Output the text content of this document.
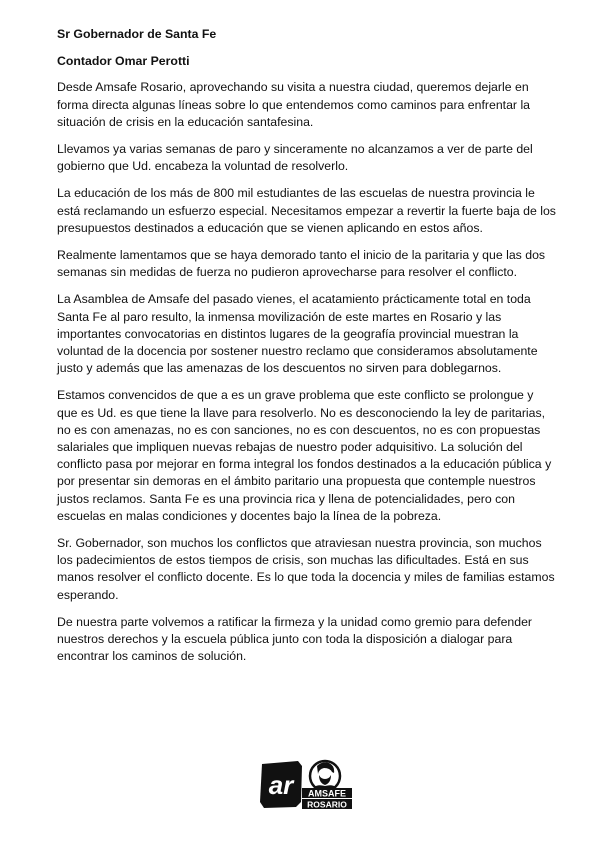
Sr Gobernador de Santa Fe
Contador Omar Perotti

Desde Amsafe Rosario, aprovechando su visita a nuestra ciudad, queremos dejarle en forma directa algunas líneas sobre lo que entendemos como caminos para enfrentar la situación de crisis en la educación santafesina.

Llevamos ya varias semanas de paro y sinceramente no alcanzamos a ver de parte del gobierno que Ud. encabeza la voluntad de resolverlo.

La educación de los más de 800 mil estudiantes de las escuelas de nuestra provincia le está reclamando un esfuerzo especial. Necesitamos empezar a revertir la fuerte baja de los presupuestos destinados a educación que se vienen aplicando en estos años.

Realmente lamentamos que se haya demorado tanto el inicio de la paritaria y que las dos semanas sin medidas de fuerza no pudieron aprovecharse para resolver el conflicto.

La Asamblea de Amsafe del pasado vienes, el acatamiento prácticamente total en toda Santa Fe al paro resulto, la inmensa movilización de este martes en Rosario y las importantes convocatorias en distintos lugares de la geografía provincial muestran la voluntad de la docencia por sostener nuestro reclamo que consideramos absolutamente justo y además que las amenazas de los descuentos no sirven para doblegarnos.

Estamos convencidos de que a es un grave problema que este conflicto se prolongue y que es Ud. es que tiene la llave para resolverlo. No es desconociendo la ley de paritarias, no es con amenazas, no es con sanciones, no es con descuentos, no es con propuestas salariales que impliquen nuevas rebajas de nuestro poder adquisitivo. La solución del conflicto pasa por mejorar en forma integral los fondos destinados a la educación pública y por presentar sin demoras en el ámbito paritario una propuesta que contemple nuestros justos reclamos. Santa Fe es una provincia rica y llena de potencialidades, pero con escuelas en malas condiciones y docentes bajo la línea de la pobreza.

Sr. Gobernador, son muchos los conflictos que atraviesan nuestra provincia, son muchos los padecimientos de estos tiempos de crisis, son muchas las dificultades. Está en sus manos resolver el conflicto docente. Es lo que toda la docencia y miles de familias estamos esperando.

De nuestra parte volvemos a ratificar la firmeza y la unidad como gremio para defender nuestros derechos y la escuela pública junto con toda la disposición a dialogar para encontrar los caminos de solución.

ar AMSAFE
ROSARIO
